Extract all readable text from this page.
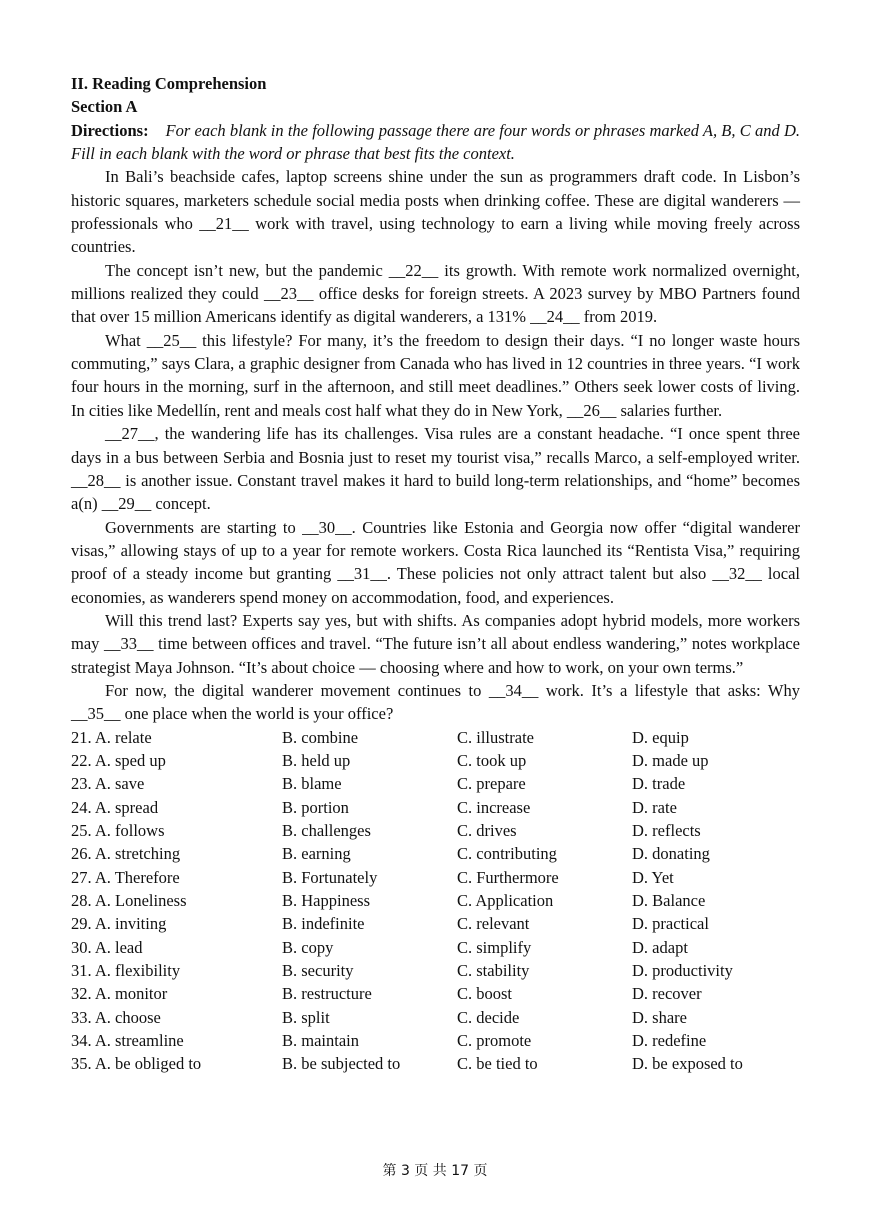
II. Reading Comprehension

Section A

Directions: For each blank in the following passage there are four words or phrases marked A, B, C and D. Fill in each blank with the word or phrase that best fits the context.

In Bali’s beachside cafes, laptop screens shine under the sun as programmers draft code. In Lisbon’s historic squares, marketers schedule social media posts when drinking coffee. These are digital wanderers — professionals who __21__ work with travel, using technology to earn a living while moving freely across countries.

The concept isn’t new, but the pandemic __22__ its growth. With remote work normalized overnight, millions realized they could __23__ office desks for foreign streets. A 2023 survey by MBO Partners found that over 15 million Americans identify as digital wanderers, a 131% __24__ from 2019.

What __25__ this lifestyle? For many, it’s the freedom to design their days. “I no longer waste hours commuting,” says Clara, a graphic designer from Canada who has lived in 12 countries in three years. “I work four hours in the morning, surf in the afternoon, and still meet deadlines.” Others seek lower costs of living. In cities like Medellín, rent and meals cost half what they do in New York, __26__ salaries further.

__27__, the wandering life has its challenges. Visa rules are a constant headache. “I once spent three days in a bus between Serbia and Bosnia just to reset my tourist visa,” recalls Marco, a self-employed writer. __28__ is another issue. Constant travel makes it hard to build long-term relationships, and “home” becomes a(n) __29__ concept.

Governments are starting to __30__. Countries like Estonia and Georgia now offer “digital wanderer visas,” allowing stays of up to a year for remote workers. Costa Rica launched its “Rentista Visa,” requiring proof of a steady income but granting __31__. These policies not only attract talent but also __32__ local economies, as wanderers spend money on accommodation, food, and experiences.

Will this trend last? Experts say yes, but with shifts. As companies adopt hybrid models, more workers may __33__ time between offices and travel. “The future isn’t all about endless wandering,” notes workplace strategist Maya Johnson. “It’s about choice — choosing where and how to work, on your own terms.”

For now, the digital wanderer movement continues to __34__ work. It’s a lifestyle that asks: Why __35__ one place when the world is your office?

21. A. relate	B. combine	C. illustrate	D. equip
22. A. sped up	B. held up	C. took up	D. made up
23. A. save	B. blame	C. prepare	D. trade
24. A. spread	B. portion	C. increase	D. rate
25. A. follows	B. challenges	C. drives	D. reflects
26. A. stretching	B. earning	C. contributing	D. donating
27. A. Therefore	B. Fortunately	C. Furthermore	D. Yet
28. A. Loneliness	B. Happiness	C. Application	D. Balance
29. A. inviting	B. indefinite	C. relevant	D. practical
30. A. lead	B. copy	C. simplify	D. adapt
31. A. flexibility	B. security	C. stability	D. productivity
32. A. monitor	B. restructure	C. boost	D. recover
33. A. choose	B. split	C. decide	D. share
34. A. streamline	B. maintain	C. promote	D. redefine
35. A. be obliged to	B. be subjected to	C. be tied to	D. be exposed to
第 3 页 共 17 页
